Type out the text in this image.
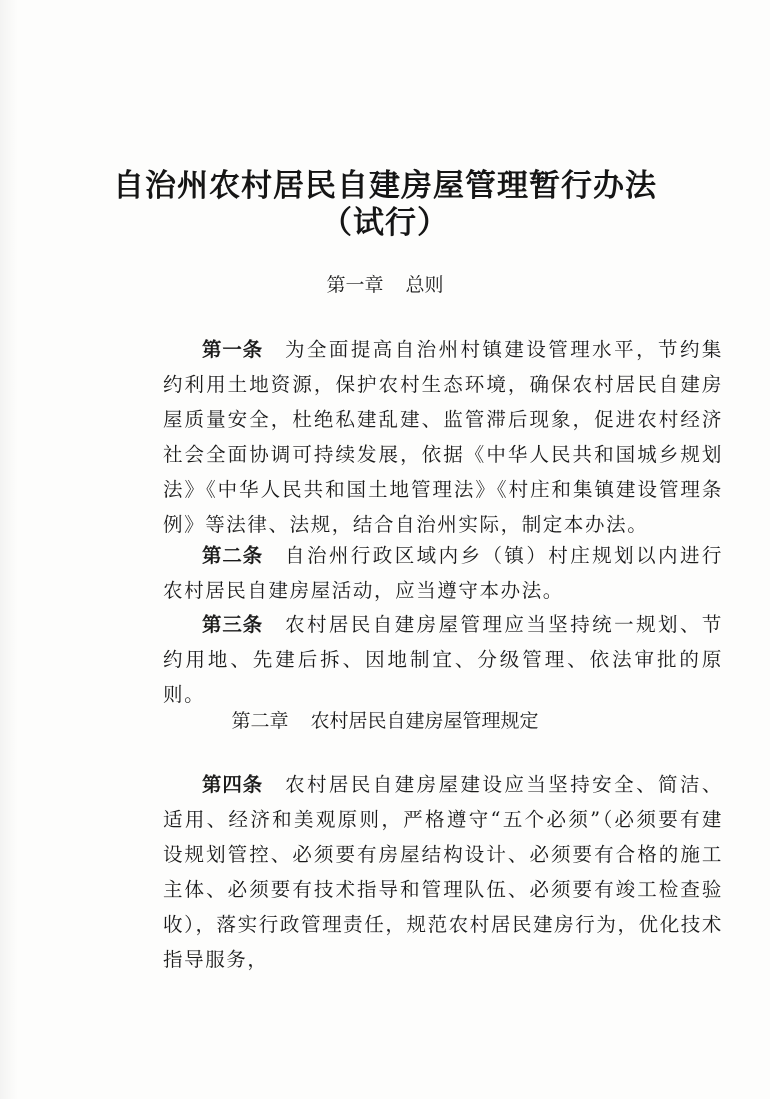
自治州农村居民自建房屋管理暂行办法
（试行）
第一章 总则

第一条 为全面提高自治州村镇建设管理水平，节约集约利用土地资源，保护农村生态环境，确保农村居民自建房屋质量安全，杜绝私建乱建、监管滞后现象，促进农村经济社会全面协调可持续发展，依据《中华人民共和国城乡规划法》《中华人民共和国土地管理法》《村庄和集镇建设管理条例》等法律、法规，结合自治州实际，制定本办法。

第二条 自治州行政区域内乡（镇）村庄规划以内进行农村居民自建房屋活动，应当遵守本办法。

第三条 农村居民自建房屋管理应当坚持统一规划、节约用地、先建后拆、因地制宜、分级管理、依法审批的原则。

第二章 农村居民自建房屋管理规定

第四条 农村居民自建房屋建设应当坚持安全、简洁、适用、经济和美观原则，严格遵守“五个必须”（必须要有建设规划管控、必须要有房屋结构设计、必须要有合格的施工主体、必须要有技术指导和管理队伍、必须要有竣工检查验收），落实行政管理责任，规范农村居民建房行为，优化技术指导服务，
